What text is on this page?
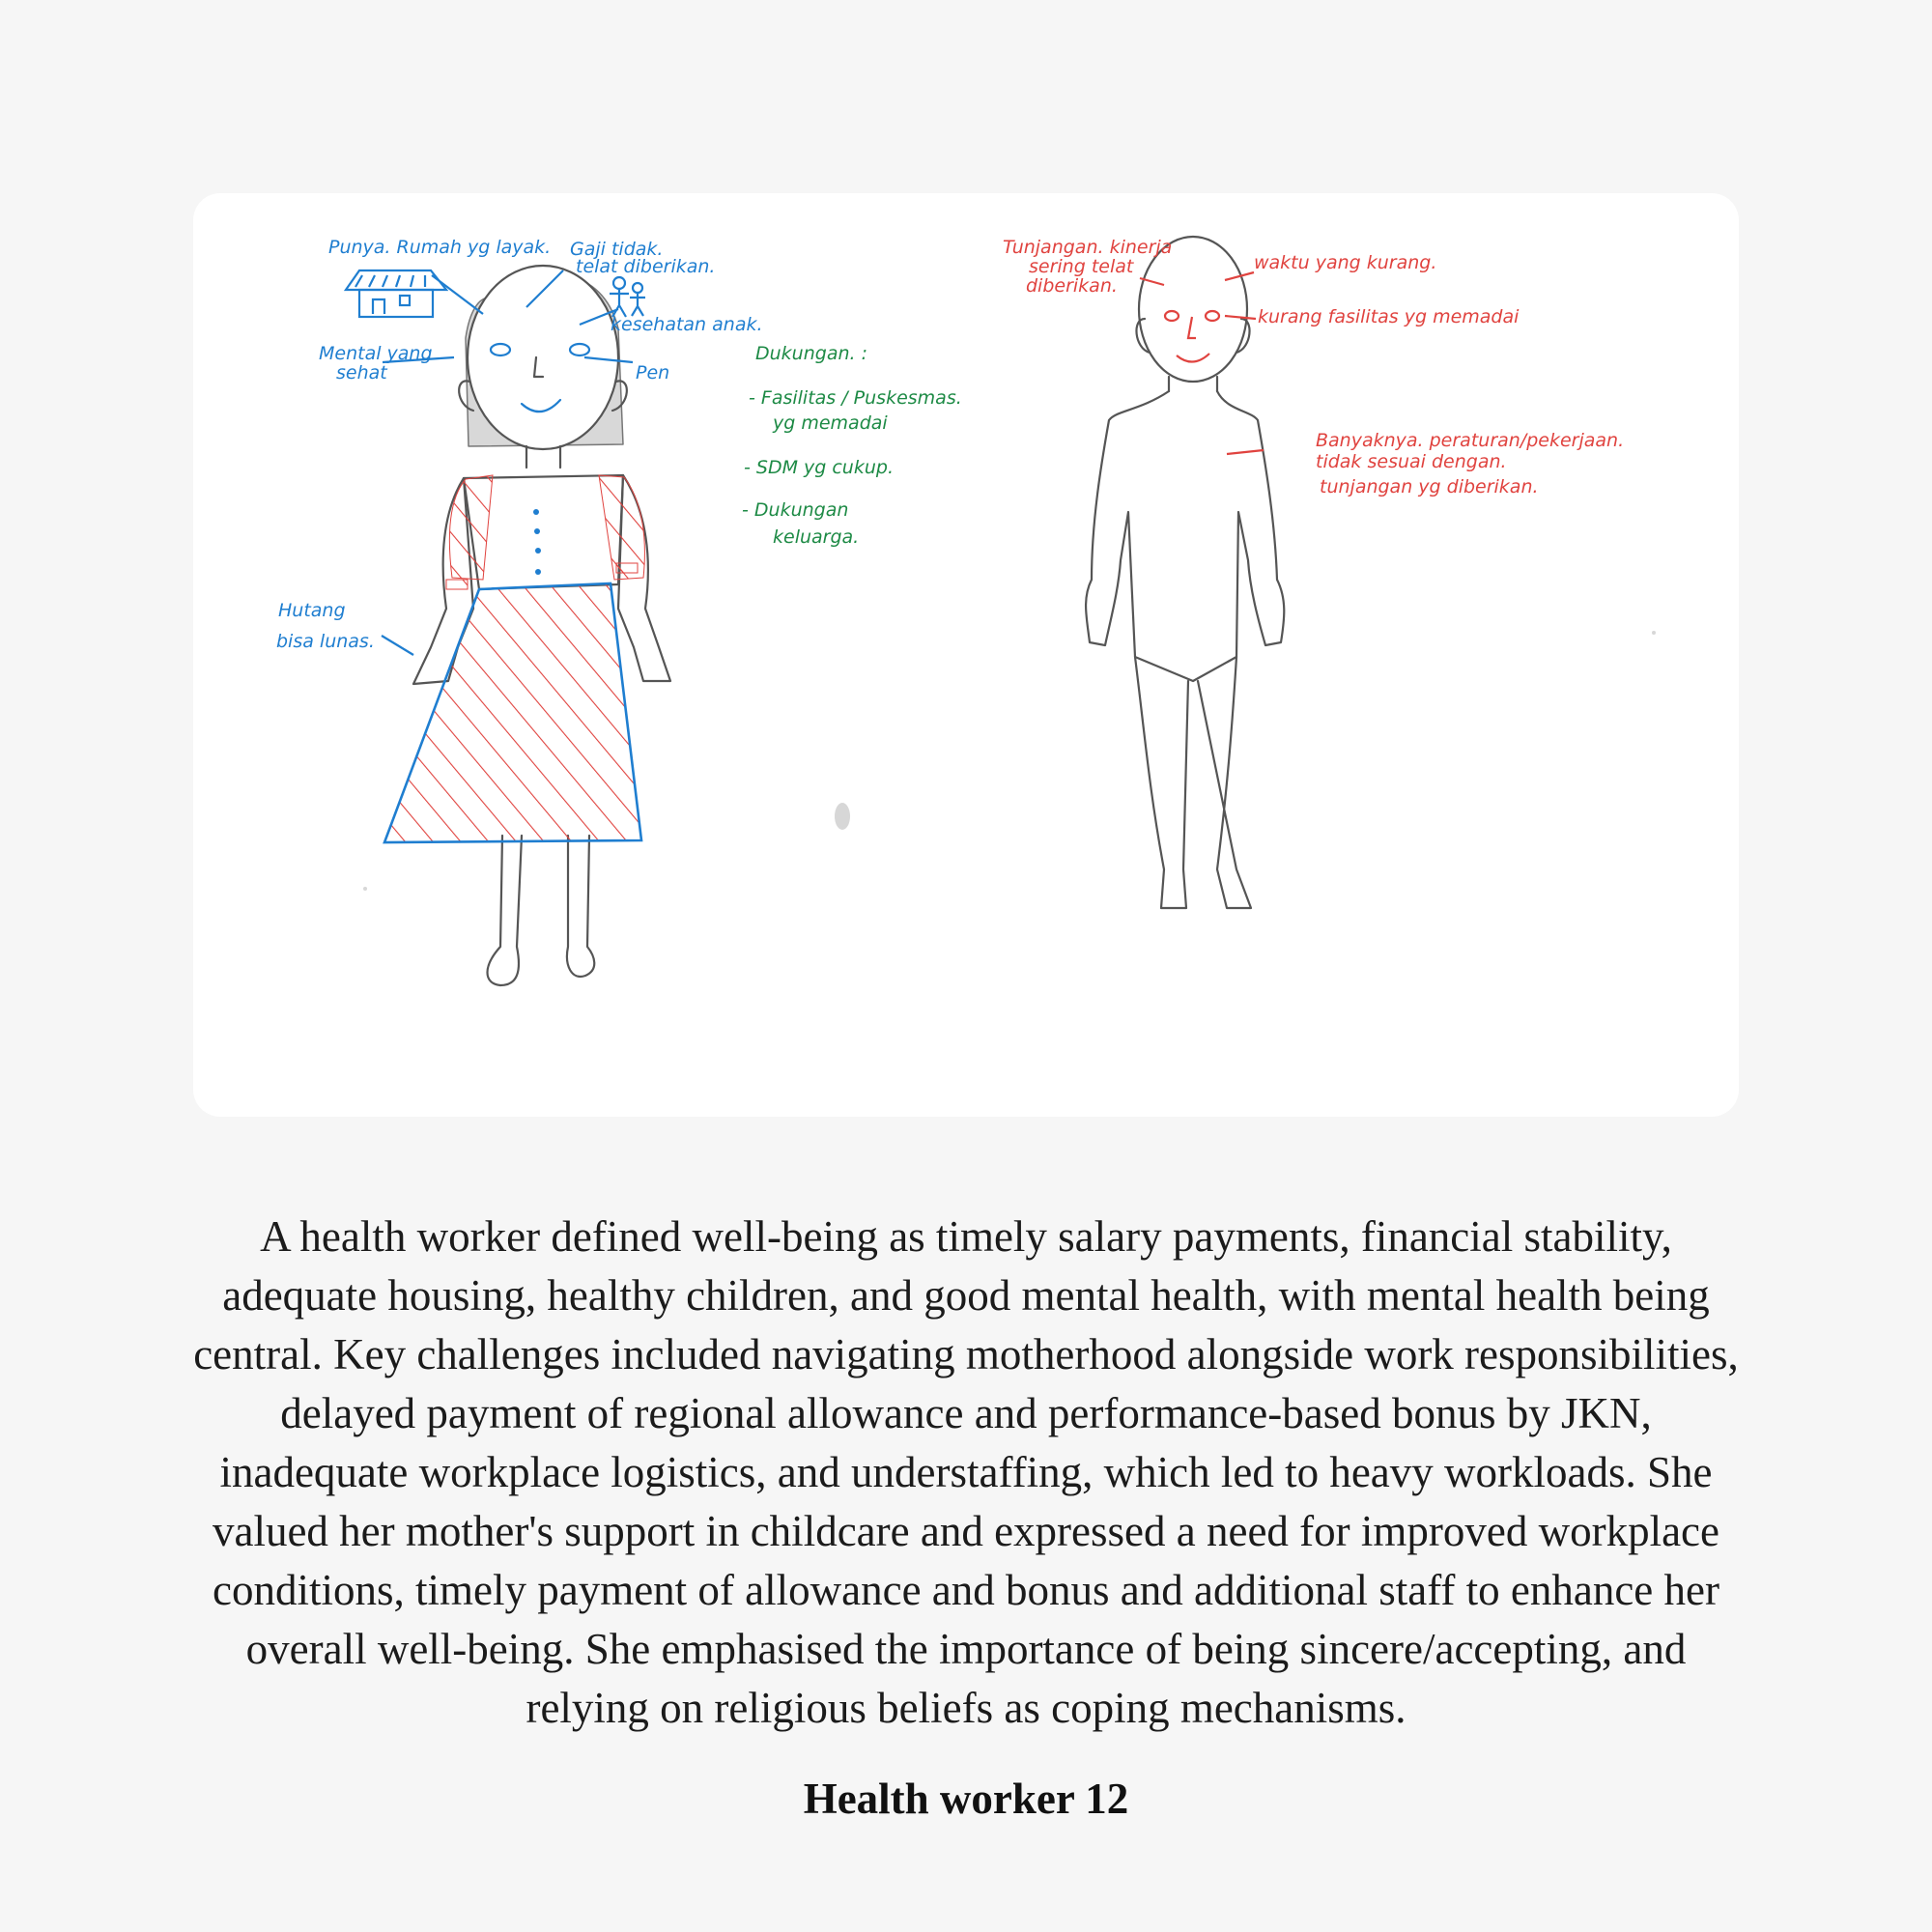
Punya. Rumah yg layak. Gaji tidak.
telat diberikan.
kesehatan anak.
Mental yang
sehat	Pen
Hutang
bisa lunas.
Dukungan. :
- Fasilitas / Puskesmas.
yg memadai
- SDM yg cukup.
- Dukungan
keluarga.
Tunjangan. kinerja
sering telat
diberikan.
waktu yang kurang.
kurang fasilitas yg memadai
Banyaknya. peraturan/pekerjaan.
tidak sesuai dengan.
tunjangan yg diberikan.

A health worker defined well-being as timely salary payments, financial stability, adequate housing, healthy children, and good mental health, with mental health being central. Key challenges included navigating motherhood alongside work responsibilities, delayed payment of regional allowance and performance-based bonus by JKN, inadequate workplace logistics, and understaffing, which led to heavy workloads. She valued her mother's support in childcare and expressed a need for improved workplace conditions, timely payment of allowance and bonus and additional staff to enhance her overall well-being. She emphasised the importance of being sincere/accepting, and relying on religious beliefs as coping mechanisms.

Health worker 12
